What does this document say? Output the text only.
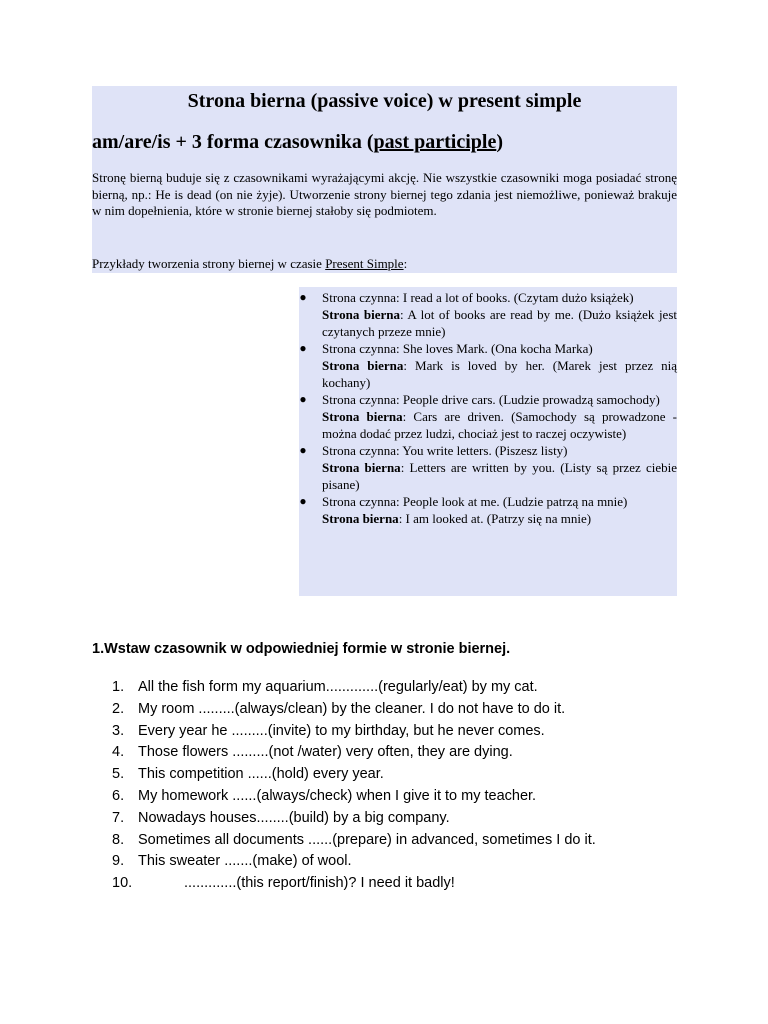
Strona bierna (passive voice) w present simple

am/are/is + 3 forma czasownika (past participle)

Stronę bierną buduje się z czasownikami wyrażającymi akcję. Nie wszystkie czasowniki moga posiadać stronę bierną, np.: He is dead (on nie żyje). Utworzenie strony biernej tego zdania jest niemożliwe, ponieważ brakuje w nim dopełnienia, które w stronie biernej stałoby się podmiotem.

Przykłady tworzenia strony biernej w czasie Present Simple:

● Strona czynna: I read a lot of books. (Czytam dużo książek)
Strona bierna: A lot of books are read by me. (Dużo książek jest czytanych przeze mnie)
● Strona czynna: She loves Mark. (Ona kocha Marka)
Strona bierna: Mark is loved by her. (Marek jest przez nią kochany)
● Strona czynna: People drive cars. (Ludzie prowadzą samochody)
Strona bierna: Cars are driven. (Samochody są prowadzone - można dodać przez ludzi, chociaż jest to raczej oczywiste)
● Strona czynna: You write letters. (Piszesz listy)
Strona bierna: Letters are written by you. (Listy są przez ciebie pisane)
● Strona czynna: People look at me. (Ludzie patrzą na mnie)
Strona bierna: I am looked at. (Patrzy się na mnie)

1.Wstaw czasownik w odpowiedniej formie w stronie biernej.

1. All the fish form my aquarium.............(regularly/eat) by my cat.
2. My room .........(always/clean) by the cleaner. I do not have to do it.
3. Every year he .........(invite) to my birthday, but he never comes.
4. Those flowers .........(not /water) very often, they are dying.
5. This competition ......(hold) every year.
6. My homework ......(always/check) when I give it to my teacher.
7. Nowadays houses........(build) by a big company.
8. Sometimes all documents ......(prepare) in advanced, sometimes I do it.
9. This sweater .......(make) of wool.
10.	.............(this report/finish)? I need it badly!
